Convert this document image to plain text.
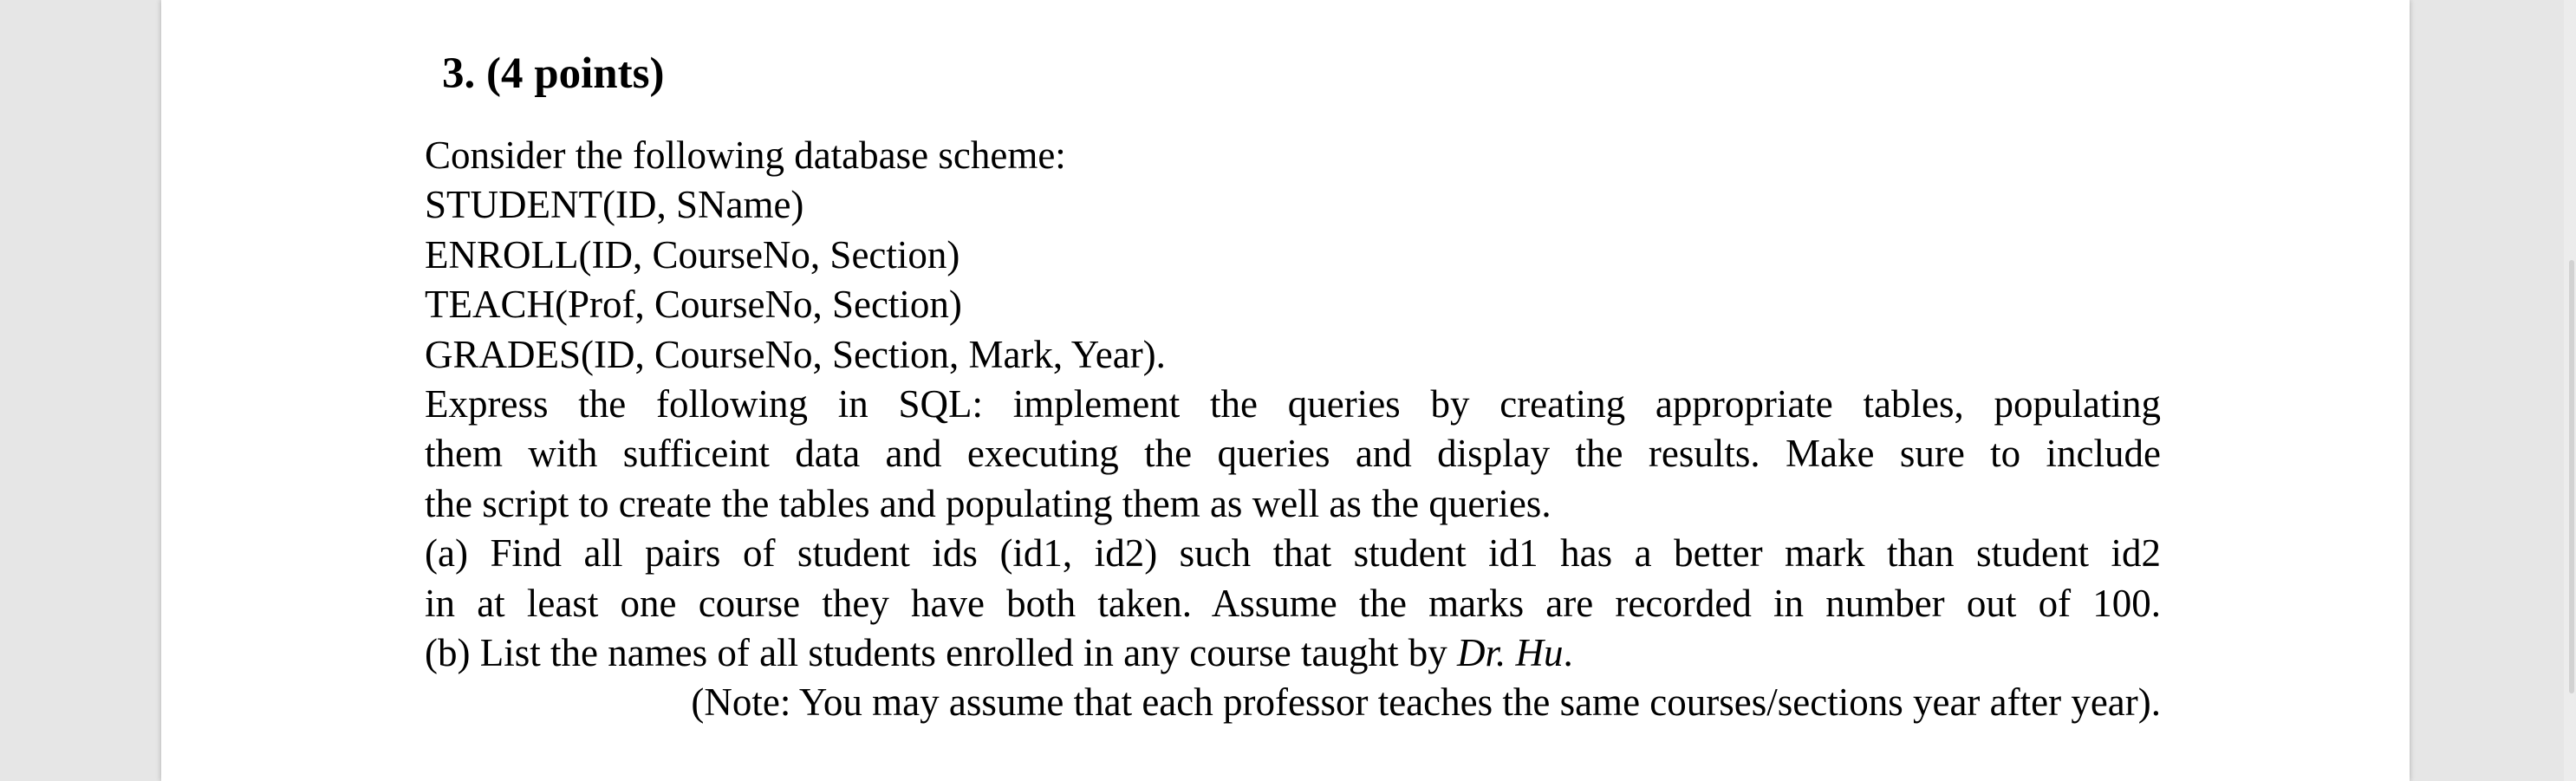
3. (4 points)
Consider the following database scheme:
STUDENT(ID, SName)
ENROLL(ID, CourseNo, Section)
TEACH(Prof, CourseNo, Section)
GRADES(ID, CourseNo, Section, Mark, Year).
Express the following in SQL: implement the queries by creating appropriate tables, populating
them with sufficeint data and executing the queries and display the results. Make sure to include
the script to create the tables and populating them as well as the queries.
(a) Find all pairs of student ids (id1, id2) such that student id1 has a better mark than student id2
in at least one course they have both taken. Assume the marks are recorded in number out of 100.
(b) List the names of all students enrolled in any course taught by Dr. Hu.
(Note: You may assume that each professor teaches the same courses/sections year after year).
